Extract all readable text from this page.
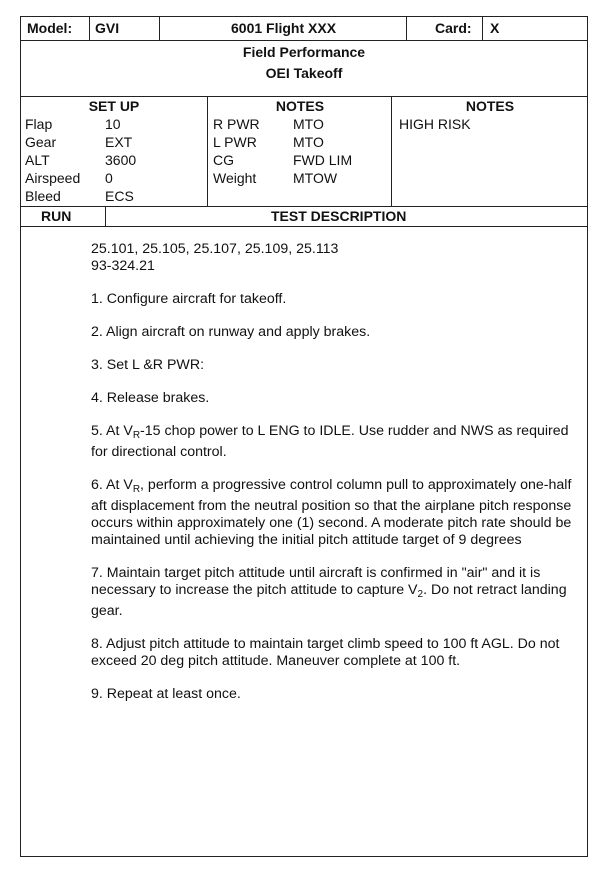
Model: GVI	6001 Flight XXX	Card: X
Field Performance
OEI Takeoff
SET UP
Flap	10
Gear	EXT
ALT	3600
Airspeed	0
Bleed	ECS
NOTES
R PWR	MTO
L PWR	MTO
CG	FWD LIM
Weight	MTOW
NOTES
HIGH RISK
RUN	TEST DESCRIPTION

25.101, 25.105, 25.107, 25.109, 25.113
93-324.21

1. Configure aircraft for takeoff.

2. Align aircraft on runway and apply brakes.

3. Set L &R PWR:

4. Release brakes.

5. At $V_R-15$ chop power to L ENG to IDLE. Use rudder and NWS as required for directional control.

6. At $V_R$, perform a progressive control column pull to approximately one-half aft displacement from the neutral position so that the airplane pitch response occurs within approximately one (1) second. A moderate pitch rate should be maintained until achieving the initial pitch attitude target of 9 degrees

7. Maintain target pitch attitude until aircraft is confirmed in "air" and it is necessary to increase the pitch attitude to capture $V_2$. Do not retract landing gear.

8. Adjust pitch attitude to maintain target climb speed to 100 ft AGL. Do not exceed 20 deg pitch attitude. Maneuver complete at 100 ft.

9. Repeat at least once.
